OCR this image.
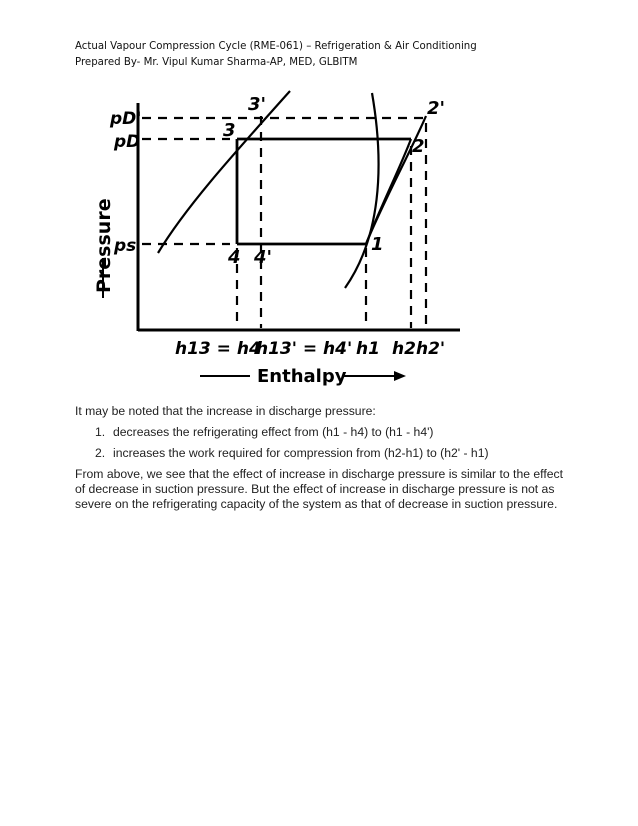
Actual Vapour Compression Cycle (RME-061) – Refrigeration & Air Conditioning
Prepared By- Mr. Vipul Kumar Sharma-AP, MED, GLBITM
Pressure
pD'
pD
ps
3'
3
2'
2
1
4 4'
h13 = h4
h13' = h4' h1 h2 h2'
Enthalpy

It may be noted that the increase in discharge pressure:

1. decreases the refrigerating effect from (h1 - h4) to (h1 - h4')
2. increases the work required for compression from (h2-h1) to (h2' - h1)

From above, we see that the effect of increase in discharge pressure is similar to the effect of decrease in suction pressure. But the effect of increase in discharge pressure is not as severe on the refrigerating capacity of the system as that of decrease in suction pressure.
